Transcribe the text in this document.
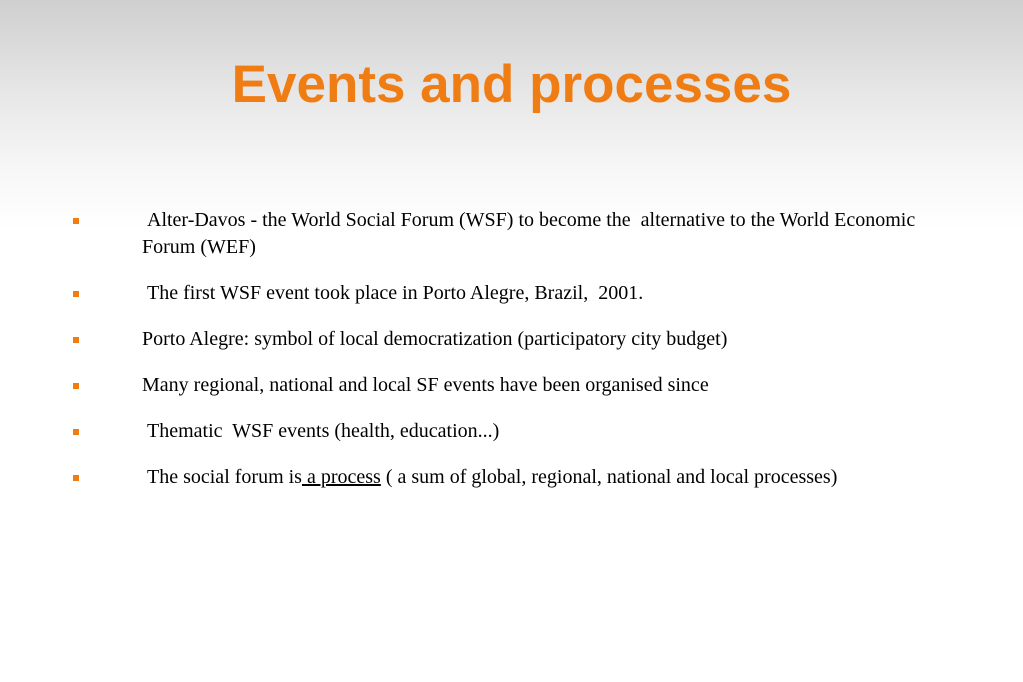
Events and processes
Alter-Davos - the World Social Forum (WSF) to become the  alternative to the World Economic Forum (WEF)
The first WSF event took place in Porto Alegre, Brazil,  2001.
Porto Alegre: symbol of local democratization (participatory city budget)
Many regional, national and local SF events have been organised since
Thematic  WSF events (health, education...)
The social forum is a process ( a sum of global, regional, national and local processes)
